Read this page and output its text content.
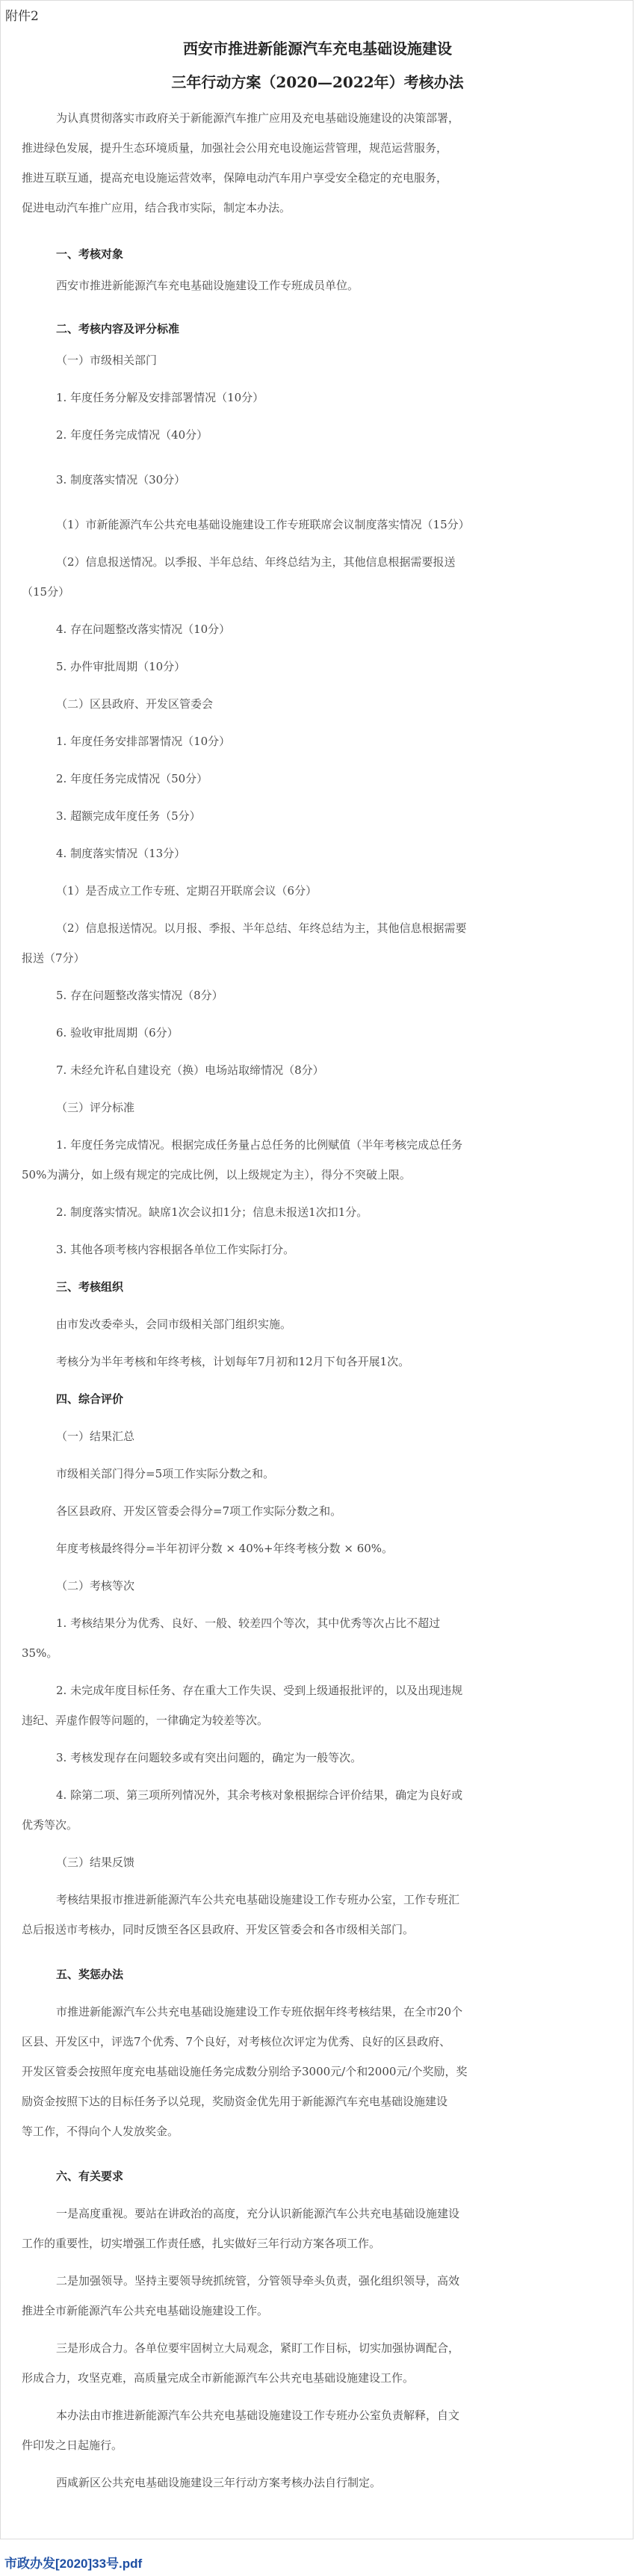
附件2
西安市推进新能源汽车充电基础设施建设
三年行动方案（2020—2022年）考核办法
为认真贯彻落实市政府关于新能源汽车推广应用及充电基础设施建设的决策部署，
推进绿色发展，提升生态环境质量，加强社会公用充电设施运营管理，规范运营服务，
推进互联互通，提高充电设施运营效率，保障电动汽车用户享受安全稳定的充电服务，
促进电动汽车推广应用，结合我市实际，制定本办法。
一、考核对象
西安市推进新能源汽车充电基础设施建设工作专班成员单位。
二、考核内容及评分标准
（一）市级相关部门
1. 年度任务分解及安排部署情况（10分）
2. 年度任务完成情况（40分）
3. 制度落实情况（30分）
（1）市新能源汽车公共充电基础设施建设工作专班联席会议制度落实情况（15分）
（2）信息报送情况。以季报、半年总结、年终总结为主，其他信息根据需要报送
（15分）
4. 存在问题整改落实情况（10分）
5. 办件审批周期（10分）
（二）区县政府、开发区管委会
1. 年度任务安排部署情况（10分）
2. 年度任务完成情况（50分）
3. 超额完成年度任务（5分）
4. 制度落实情况（13分）
（1）是否成立工作专班、定期召开联席会议（6分）
（2）信息报送情况。以月报、季报、半年总结、年终总结为主，其他信息根据需要
报送（7分）
5. 存在问题整改落实情况（8分）
6. 验收审批周期（6分）
7. 未经允许私自建设充（换）电场站取缔情况（8分）
（三）评分标准
1. 年度任务完成情况。根据完成任务量占总任务的比例赋值（半年考核完成总任务
50%为满分，如上级有规定的完成比例，以上级规定为主），得分不突破上限。
2. 制度落实情况。缺席1次会议扣1分；信息未报送1次扣1分。
3. 其他各项考核内容根据各单位工作实际打分。
三、考核组织
由市发改委牵头，会同市级相关部门组织实施。
考核分为半年考核和年终考核，计划每年7月初和12月下旬各开展1次。
四、综合评价
（一）结果汇总
市级相关部门得分=5项工作实际分数之和。
各区县政府、开发区管委会得分=7项工作实际分数之和。
年度考核最终得分=半年初评分数 × 40%+年终考核分数 × 60%。
（二）考核等次
1. 考核结果分为优秀、良好、一般、较差四个等次，其中优秀等次占比不超过
35%。
2. 未完成年度目标任务、存在重大工作失误、受到上级通报批评的，以及出现违规
违纪、弄虚作假等问题的，一律确定为较差等次。
3. 考核发现存在问题较多或有突出问题的，确定为一般等次。
4. 除第二项、第三项所列情况外，其余考核对象根据综合评价结果，确定为良好或
优秀等次。
（三）结果反馈
考核结果报市推进新能源汽车公共充电基础设施建设工作专班办公室，工作专班汇
总后报送市考核办，同时反馈至各区县政府、开发区管委会和各市级相关部门。
五、奖惩办法
市推进新能源汽车公共充电基础设施建设工作专班依据年终考核结果，在全市20个
区县、开发区中，评选7个优秀、7个良好，对考核位次评定为优秀、良好的区县政府、
开发区管委会按照年度充电基础设施任务完成数分别给予3000元/个和2000元/个奖励，奖
励资金按照下达的目标任务予以兑现，奖励资金优先用于新能源汽车充电基础设施建设
等工作，不得向个人发放奖金。
六、有关要求
一是高度重视。要站在讲政治的高度，充分认识新能源汽车公共充电基础设施建设
工作的重要性，切实增强工作责任感，扎实做好三年行动方案各项工作。
二是加强领导。坚持主要领导统抓统管，分管领导牵头负责，强化组织领导，高效
推进全市新能源汽车公共充电基础设施建设工作。
三是形成合力。各单位要牢固树立大局观念，紧盯工作目标，切实加强协调配合，
形成合力，攻坚克难，高质量完成全市新能源汽车公共充电基础设施建设工作。
本办法由市推进新能源汽车公共充电基础设施建设工作专班办公室负责解释，自文
件印发之日起施行。
西咸新区公共充电基础设施建设三年行动方案考核办法自行制定。
市政办发[2020]33号.pdf
